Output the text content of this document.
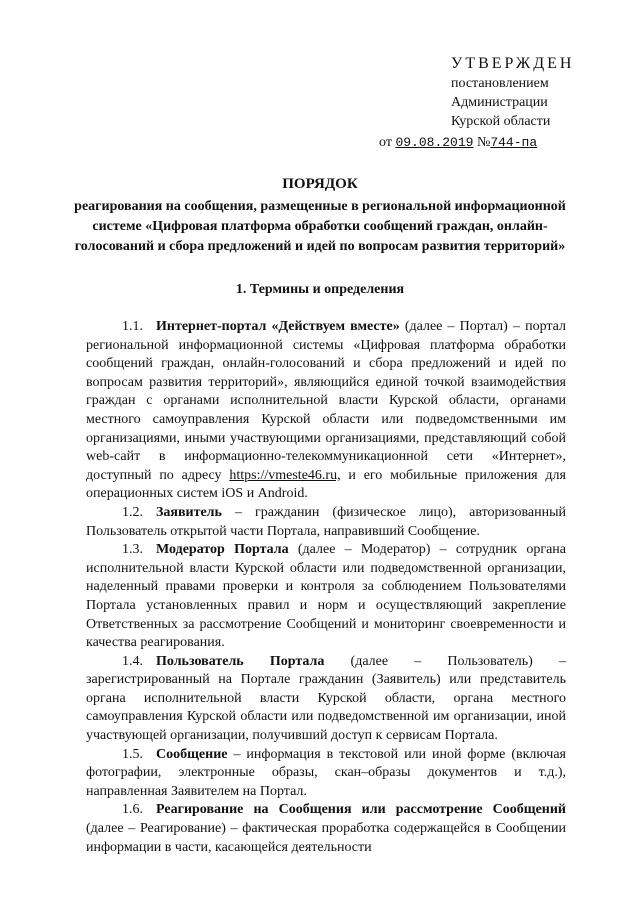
УТВЕРЖДЕН
постановлением
Администрации
Курской области
от 09.08.2019 №744-па
ПОРЯДОК
реагирования на сообщения, размещенные в региональной информационной системе «Цифровая платформа обработки сообщений граждан, онлайн-голосований и сбора предложений и идей по вопросам развития территорий»
1. Термины и определения

1.1. Интернет-портал «Действуем вместе» (далее – Портал) – портал региональной информационной системы «Цифровая платформа обработки сообщений граждан, онлайн-голосований и сбора предложений и идей по вопросам развития территорий», являющийся единой точкой взаимодействия граждан с органами исполнительной власти Курской области, органами местного самоуправления Курской области или подведомственными им организациями, иными участвующими организациями, представляющий собой web-сайт в информационно-телекоммуникационной сети «Интернет», доступный по адресу https://vmeste46.ru, и его мобильные приложения для операционных систем iOS и Android.

1.2. Заявитель – гражданин (физическое лицо), авторизованный Пользователь открытой части Портала, направивший Сообщение.

1.3. Модератор Портала (далее – Модератор) – сотрудник органа исполнительной власти Курской области или подведомственной организации, наделенный правами проверки и контроля за соблюдением Пользователями Портала установленных правил и норм и осуществляющий закрепление Ответственных за рассмотрение Сообщений и мониторинг своевременности и качества реагирования.

1.4. Пользователь Портала (далее – Пользователь) – зарегистрированный на Портале гражданин (Заявитель) или представитель органа исполнительной власти Курской области, органа местного самоуправления Курской области или подведомственной им организации, иной участвующей организации, получивший доступ к сервисам Портала.

1.5. Сообщение – информация в текстовой или иной форме (включая фотографии, электронные образы, скан–образы документов и т.д.), направленная Заявителем на Портал.

1.6. Реагирование на Сообщения или рассмотрение Сообщений (далее – Реагирование) – фактическая проработка содержащейся в Сообщении информации в части, касающейся деятельности
